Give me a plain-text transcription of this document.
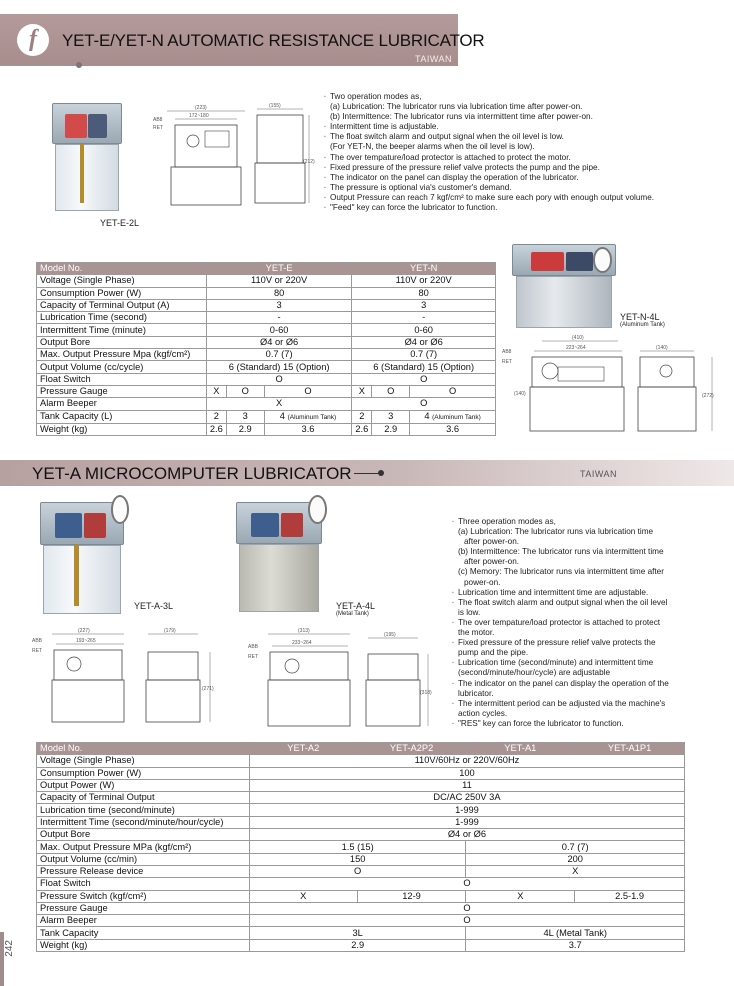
f	YET-E/YET-N AUTOMATIC RESISTANCE LUBRICATOR
TAIWAN
YET-E-2L
(223)
172~180
AB8
RET
(155)
(212)
▪ Two operation modes as,
(a) Lubrication: The lubricator runs via lubrication time after power-on.
(b) Intermittence: The lubricator runs via intermittent time after power-on.
▪ Intermittent time is adjustable.
▪ The float switch alarm and output signal when the oil level is low.
(For YET-N, the beeper alarms when the oil level is low).
▪ The over tempature/load protector is attached to protect the motor.
▪ Fixed pressure of the pressure relief valve protects the pump and the pipe.
▪ The indicator on the panel can display the operation of the lubricator.
▪ The pressure is optional via's customer's demand.
▪ Output Pressure can reach 7 kgf/cm² to make sure each pory with enough output volume.
▪ "Feed" key can force the lubricator to function.
YET-N-4L
(Aluminum Tank)
(410)
223~264
AB8
RET
(140)
(140)
(272)
Model No.	YET-E			YET-N		
Voltage (Single Phase)	110V or 220V			110V or 220V		
Consumption Power (W)	80			80		
Capacity of Terminal Output (A)	3			3		
Lubrication Time (second)	-			-		
Intermittent Time (minute)	0-60			0-60		
Output Bore	Ø4 or Ø6			Ø4 or Ø6		
Max. Output Pressure Mpa (kgf/cm²)	0.7 (7)			0.7 (7)		
Output Volume (cc/cycle)	6 (Standard) 15 (Option)			6 (Standard) 15 (Option)		
Float Switch	O			O		
Pressure Gauge	X	O	O	X	O	O
Alarm Beeper	X			O		
Tank Capacity (L)	2	3	4 (Aluminum Tank)	2	3	4 (Aluminum Tank)
Weight (kg)	2.6	2.9	3.6	2.6	2.9	3.6
YET-A MICROCOMPUTER LUBRICATOR	TAIWAN
YET-A-3L	YET-A-4L
(Metal Tank)
ABB
RET
(227)
193~265
(179)
(271)
ABB
RET
(313)
233~264
(195)
(318)
▪ Three operation modes as,
(a) Lubrication: The lubricator runs via lubrication time
after power-on.
(b) Intermittence: The lubricator runs via intermittent time
after power-on.
(c) Memory: The lubricator runs via intermittent time after
power-on.
▪ Lubrication time and intermittent time are adjustable.
▪ The float switch alarm and output signal when the oil level
is low.
▪ The over tempature/load protector is attached to protect
the motor.
▪ Fixed pressure of the pressure relief valve protects the
pump and the pipe.
▪ Lubrication time (second/minute) and intermittent time
(second/minute/hour/cycle) are adjustable
▪ The indicator on the panel can display the operation of the
lubricator.
▪ The intermittent period can be adjusted via the machine's
action cycles.
▪ "RES" key can force the lubricator to function.
Model No.	YET-A2	YET-A2P2	YET-A1	YET-A1P1
Voltage (Single Phase)	110V/60Hz or 220V/60Hz			
Consumption Power (W)	100			
Output Power (W)	11			
Capacity of Terminal Output	DC/AC 250V 3A			
Lubrication time (second/minute)	1-999			
Intermittent Time (second/minute/hour/cycle)	1-999			
Output Bore	Ø4 or Ø6			
Max. Output Pressure MPa (kgf/cm²)	1.5 (15)		0.7 (7)	
Output Volume (cc/min)	150		200	
Pressure Release device	O		X	
Float Switch	O			
Pressure Switch (kgf/cm²)	X	12-9	X	2.5-1.9
Pressure Gauge	O			
Alarm Beeper	O			
Tank Capacity	3L		4L (Metal Tank)	
Weight (kg)	2.9		3.7	
242
